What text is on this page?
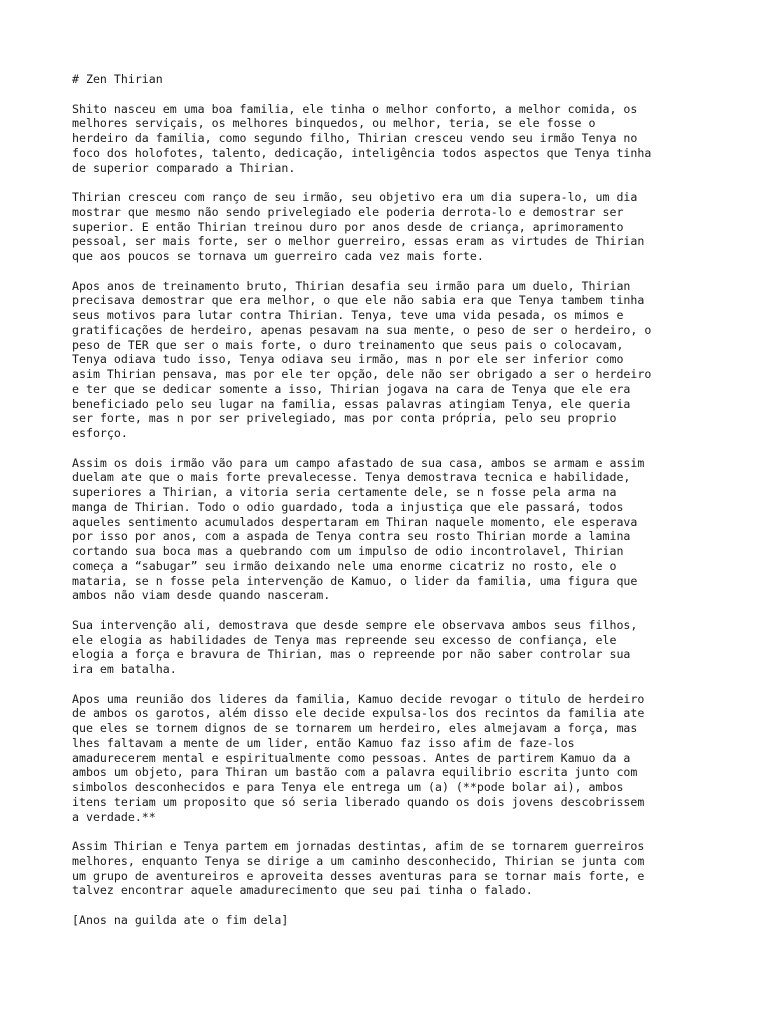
# Zen Thirian
Shito nasceu em uma boa familia, ele tinha o melhor conforto, a melhor comida, os
melhores serviçais, os melhores binquedos, ou melhor, teria, se ele fosse o
herdeiro da familia, como segundo filho, Thirian cresceu vendo seu irmão Tenya no
foco dos holofotes, talento, dedicação, inteligência todos aspectos que Tenya tinha
de superior comparado a Thirian.
Thirian cresceu com ranço de seu irmão, seu objetivo era um dia supera-lo, um dia
mostrar que mesmo não sendo privelegiado ele poderia derrota-lo e demostrar ser
superior. E então Thirian treinou duro por anos desde de criança, aprimoramento
pessoal, ser mais forte, ser o melhor guerreiro, essas eram as virtudes de Thirian
que aos poucos se tornava um guerreiro cada vez mais forte.
Apos anos de treinamento bruto, Thirian desafia seu irmão para um duelo, Thirian
precisava demostrar que era melhor, o que ele não sabia era que Tenya tambem tinha
seus motivos para lutar contra Thirian. Tenya, teve uma vida pesada, os mimos e
gratificações de herdeiro, apenas pesavam na sua mente, o peso de ser o herdeiro, o
peso de TER que ser o mais forte, o duro treinamento que seus pais o colocavam,
Tenya odiava tudo isso, Tenya odiava seu irmão, mas n por ele ser inferior como
asim Thirian pensava, mas por ele ter opção, dele não ser obrigado a ser o herdeiro
e ter que se dedicar somente a isso, Thirian jogava na cara de Tenya que ele era
beneficiado pelo seu lugar na familia, essas palavras atingiam Tenya, ele queria
ser forte, mas n por ser privelegiado, mas por conta própria, pelo seu proprio
esforço.
Assim os dois irmão vão para um campo afastado de sua casa, ambos se armam e assim
duelam ate que o mais forte prevalecesse. Tenya demostrava tecnica e habilidade,
superiores a Thirian, a vitoria seria certamente dele, se n fosse pela arma na
manga de Thirian. Todo o odio guardado, toda a injustiça que ele passará, todos
aqueles sentimento acumulados despertaram em Thiran naquele momento, ele esperava
por isso por anos, com a aspada de Tenya contra seu rosto Thirian morde a lamina
cortando sua boca mas a quebrando com um impulso de odio incontrolavel, Thirian
começa a “sabugar” seu irmão deixando nele uma enorme cicatriz no rosto, ele o
mataria, se n fosse pela intervenção de Kamuo, o lider da familia, uma figura que
ambos não viam desde quando nasceram.
Sua intervenção ali, demostrava que desde sempre ele observava ambos seus filhos,
ele elogia as habilidades de Tenya mas repreende seu excesso de confiança, ele
elogia a força e bravura de Thirian, mas o repreende por não saber controlar sua
ira em batalha.
Apos uma reunião dos lideres da familia, Kamuo decide revogar o titulo de herdeiro
de ambos os garotos, além disso ele decide expulsa-los dos recintos da familia ate
que eles se tornem dignos de se tornarem um herdeiro, eles almejavam a força, mas
lhes faltavam a mente de um lider, então Kamuo faz isso afim de faze-los
amadurecerem mental e espiritualmente como pessoas. Antes de partirem Kamuo da a
ambos um objeto, para Thiran um bastão com a palavra equilibrio escrita junto com
simbolos desconhecidos e para Tenya ele entrega um (a) (**pode bolar ai), ambos
itens teriam um proposito que só seria liberado quando os dois jovens descobrissem
a verdade.**
Assim Thirian e Tenya partem em jornadas destintas, afim de se tornarem guerreiros
melhores, enquanto Tenya se dirige a um caminho desconhecido, Thirian se junta com
um grupo de aventureiros e aproveita desses aventuras para se tornar mais forte, e
talvez encontrar aquele amadurecimento que seu pai tinha o falado.
[Anos na guilda ate o fim dela]
